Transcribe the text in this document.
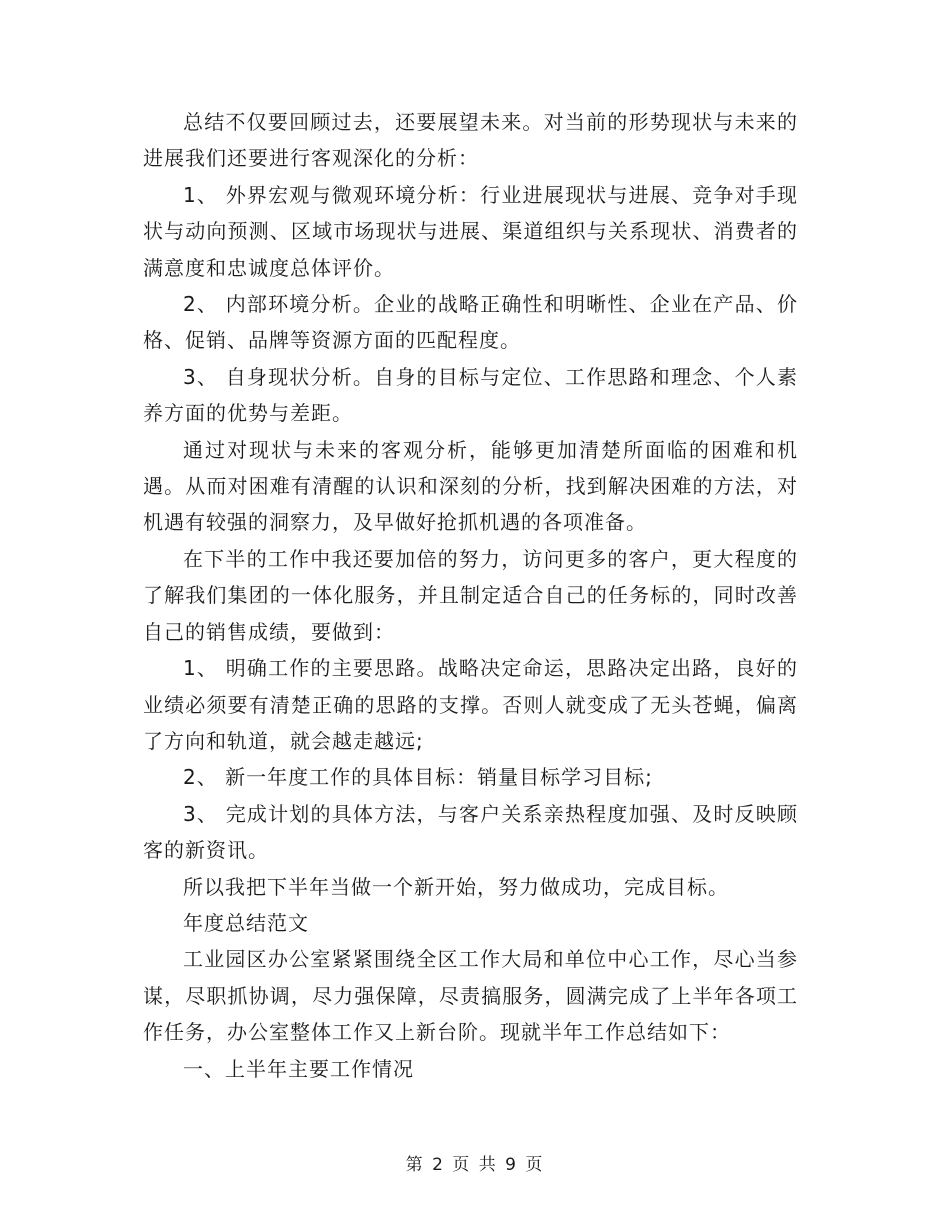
总结不仅要回顾过去，还要展望未来。对当前的形势现状与未来的进展我们还要进行客观深化的分析：

1、 外界宏观与微观环境分析：行业进展现状与进展、竞争对手现状与动向预测、区域市场现状与进展、渠道组织与关系现状、消费者的满意度和忠诚度总体评价。

2、 内部环境分析。企业的战略正确性和明晰性、企业在产品、价格、促销、品牌等资源方面的匹配程度。

3、 自身现状分析。自身的目标与定位、工作思路和理念、个人素养方面的优势与差距。

通过对现状与未来的客观分析，能够更加清楚所面临的困难和机遇。从而对困难有清醒的认识和深刻的分析，找到解决困难的方法，对机遇有较强的洞察力，及早做好抢抓机遇的各项准备。

在下半的工作中我还要加倍的努力，访问更多的客户，更大程度的了解我们集团的一体化服务，并且制定适合自己的任务标的，同时改善自己的销售成绩，要做到：

1、 明确工作的主要思路。战略决定命运，思路决定出路，良好的业绩必须要有清楚正确的思路的支撑。否则人就变成了无头苍蝇，偏离了方向和轨道，就会越走越远;

2、 新一年度工作的具体目标：销量目标学习目标;

3、 完成计划的具体方法，与客户关系亲热程度加强、及时反映顾客的新资讯。

所以我把下半年当做一个新开始，努力做成功，完成目标。

年度总结范文

工业园区办公室紧紧围绕全区工作大局和单位中心工作，尽心当参谋，尽职抓协调，尽力强保障，尽责搞服务，圆满完成了上半年各项工作任务，办公室整体工作又上新台阶。现就半年工作总结如下：

一、上半年主要工作情况

第 2 页 共 9 页
